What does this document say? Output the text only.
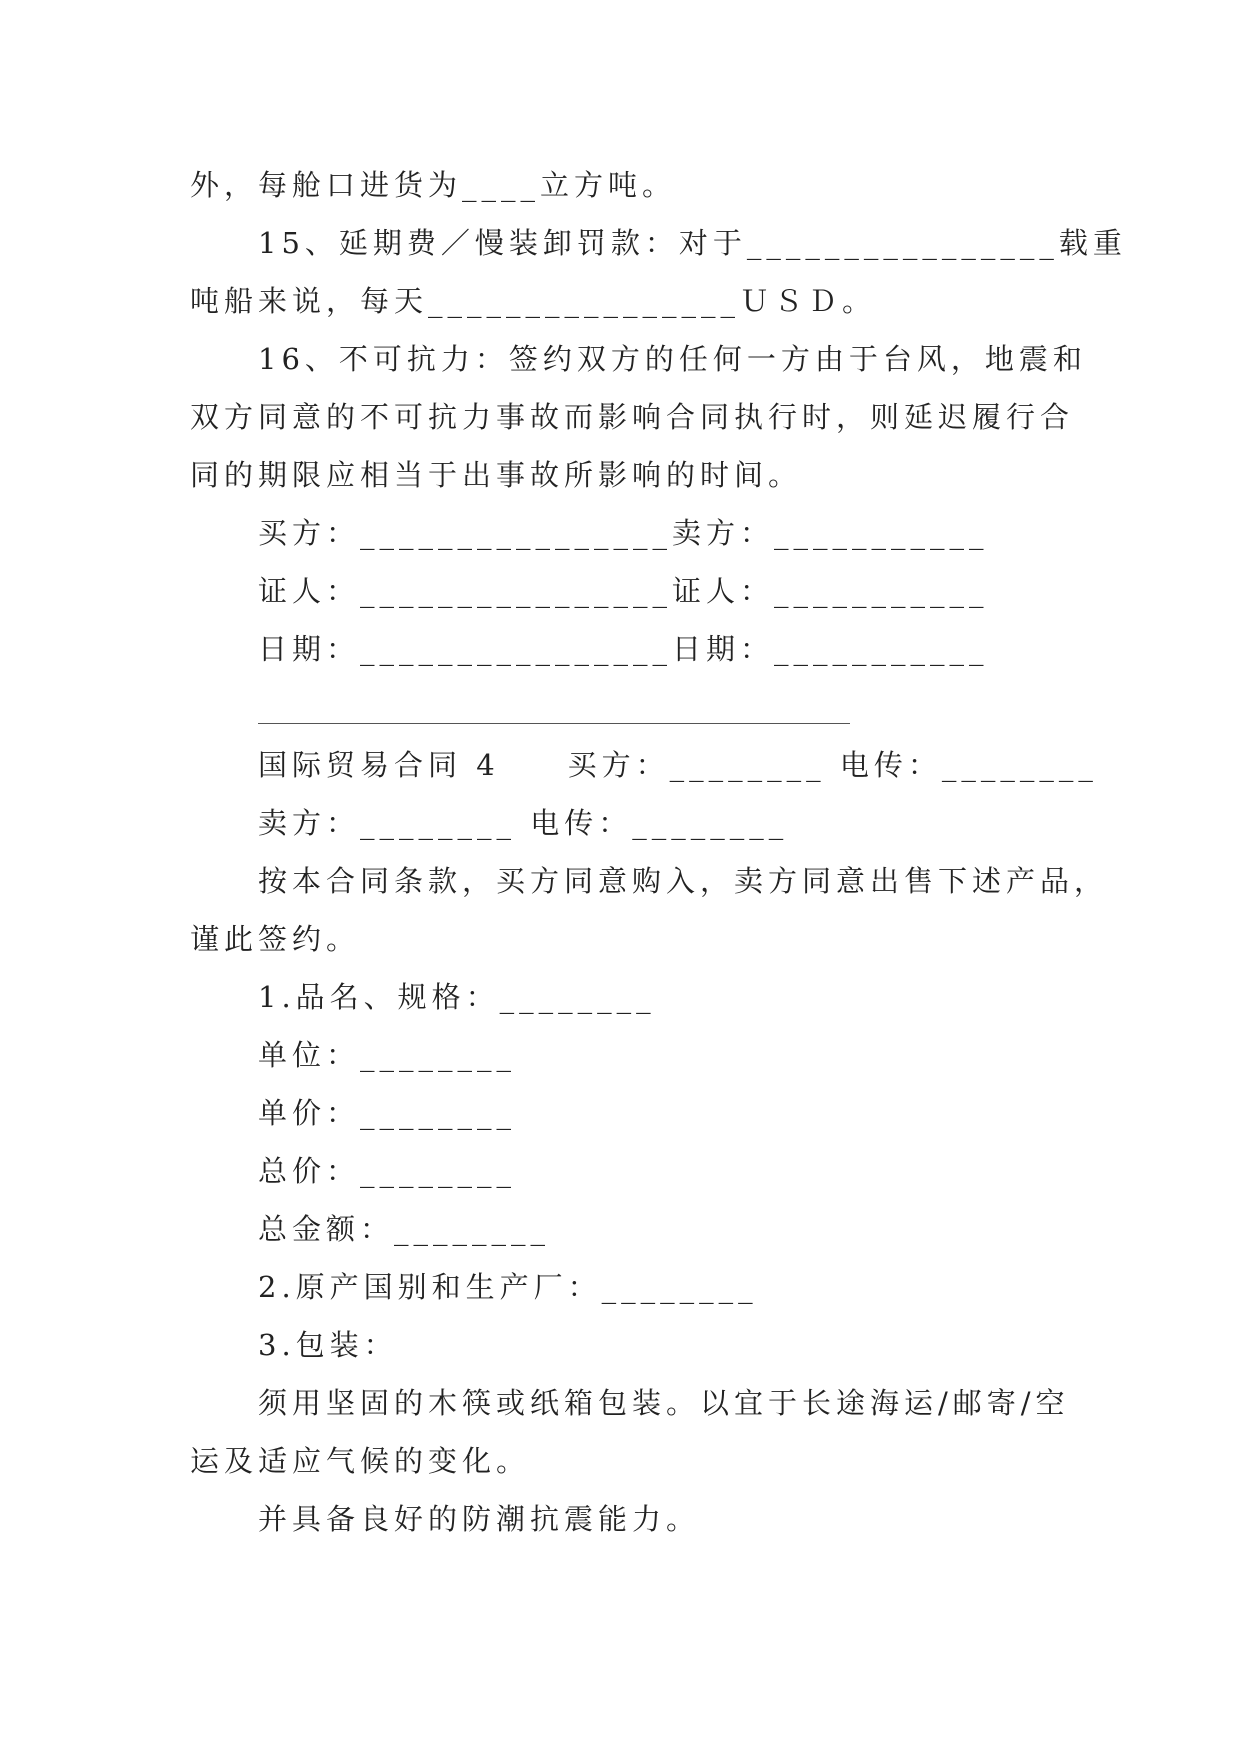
外，每舱口进货为____立方吨。
15、延期费／慢装卸罚款：对于________________载重
吨船来说，每天________________ＵＳＤ。
16、不可抗力：签约双方的任何一方由于台风，地震和
双方同意的不可抗力事故而影响合同执行时，则延迟履行合
同的期限应相当于出事故所影响的时间。
买方：________________卖方：___________
证人：________________证人：___________
日期：________________日期：___________
国际贸易合同 4　　买方：________ 电传：________
卖方：________ 电传：________
按本合同条款，买方同意购入，卖方同意出售下述产品，
谨此签约。
1.品名、规格：________
单位：________
单价：________
总价：________
总金额：________
2.原产国别和生产厂：________
3.包装：
须用坚固的木筷或纸箱包装。以宜于长途海运/邮寄/空
运及适应气候的变化。
并具备良好的防潮抗震能力。
